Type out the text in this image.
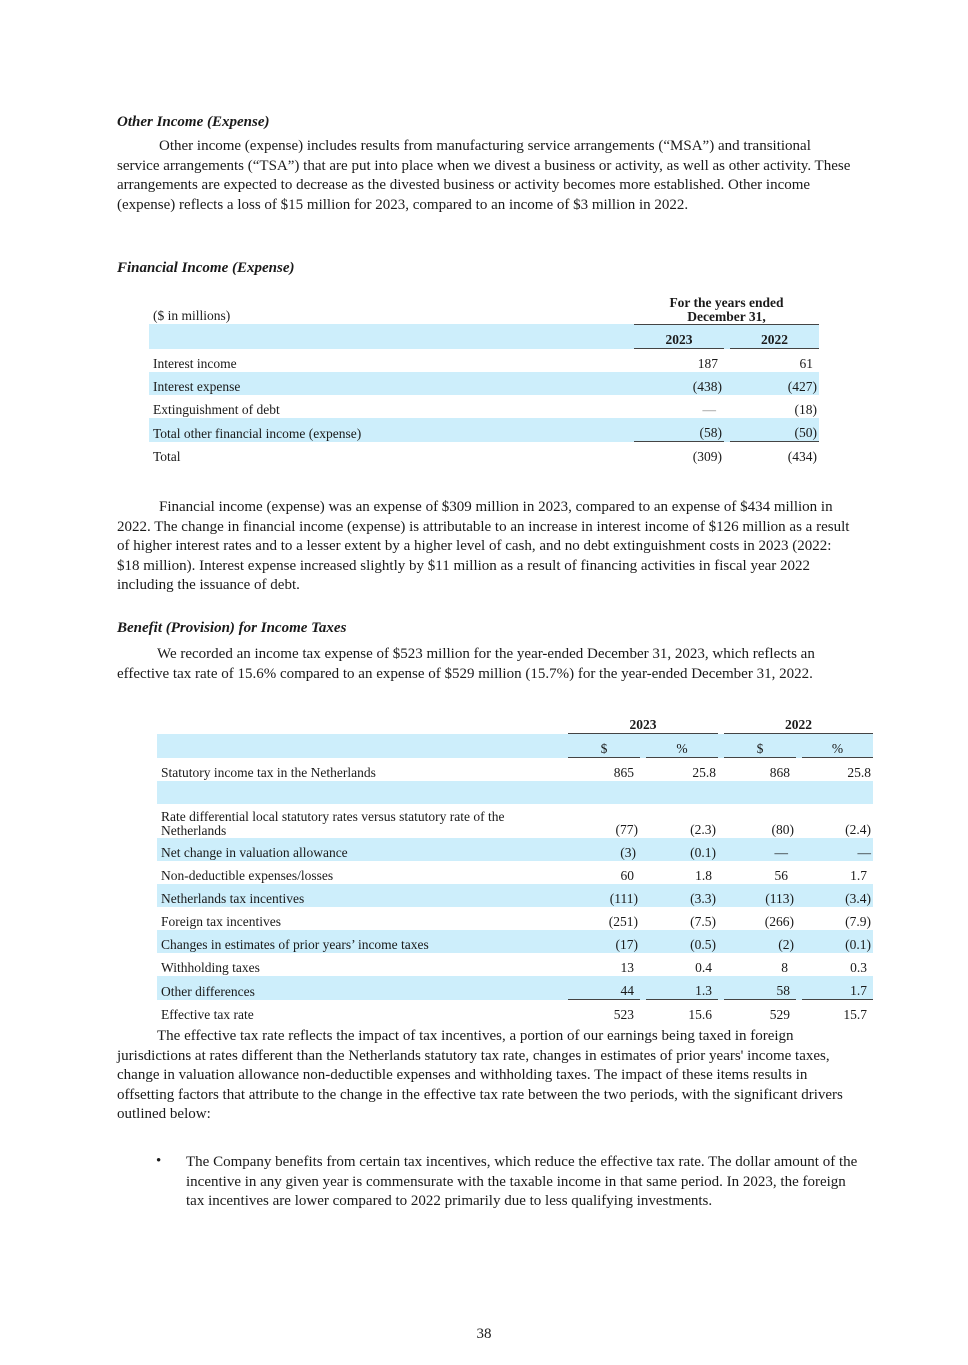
Other Income (Expense)
Other income (expense) includes results from manufacturing service arrangements (“MSA”) and transitional service arrangements (“TSA”) that are put into place when we divest a business or activity, as well as other activity. These arrangements are expected to decrease as the divested business or activity becomes more established. Other income (expense) reflects a loss of $15 million for 2023, compared to an income of $3 million in 2022.
Financial Income (Expense)
($ in millions)	For the years ended
December 31,		

	2023		2022
Interest income	187		61
Interest expense	(438)		(427)
Extinguishment of debt	—		(18)
Total other financial income (expense)	(58)		(50)
Total	(309)		(434)
Financial income (expense) was an expense of $309 million in 2023, compared to an expense of $434 million in 2022. The change in financial income (expense) is attributable to an increase in interest income of $126 million as a result of higher interest rates and to a lesser extent by a higher level of cash, and no debt extinguishment costs in 2023 (2022: $18 million). Interest expense increased slightly by $11 million as a result of financing activities in fiscal year 2022 including the issuance of debt.
Benefit (Provision) for Income Taxes
We recorded an income tax expense of $523 million for the year-ended December 31, 2023, which reflects an effective tax rate of 15.6% compared to an expense of $529 million (15.7%) for the year-ended December 31, 2022.
	2023				2022		
	$		%		$		%
Statutory income tax in the Netherlands	865		25.8		868		25.8

Rate differential local statutory rates versus statutory rate of the Netherlands	(77)		(2.3)		(80)		(2.4)
Net change in valuation allowance	(3)		(0.1)		—		—
Non-deductible expenses/losses	60		1.8		56		1.7
Netherlands tax incentives	(111)		(3.3)		(113)		(3.4)
Foreign tax incentives	(251)		(7.5)		(266)		(7.9)
Changes in estimates of prior years’ income taxes	(17)		(0.5)		(2)		(0.1)
Withholding taxes	13		0.4		8		0.3
Other differences	44		1.3		58		1.7
Effective tax rate	523		15.6		529		15.7
The effective tax rate reflects the impact of tax incentives, a portion of our earnings being taxed in foreign jurisdictions at rates different than the Netherlands statutory tax rate, changes in estimates of prior years' income taxes, change in valuation allowance non-deductible expenses and withholding taxes. The impact of these items results in offsetting factors that attribute to the change in the effective tax rate between the two periods, with the significant drivers outlined below:
• The Company benefits from certain tax incentives, which reduce the effective tax rate. The dollar amount of the incentive in any given year is commensurate with the taxable income in that same period. In 2023, the foreign tax incentives are lower compared to 2022 primarily due to less qualifying investments.
38
